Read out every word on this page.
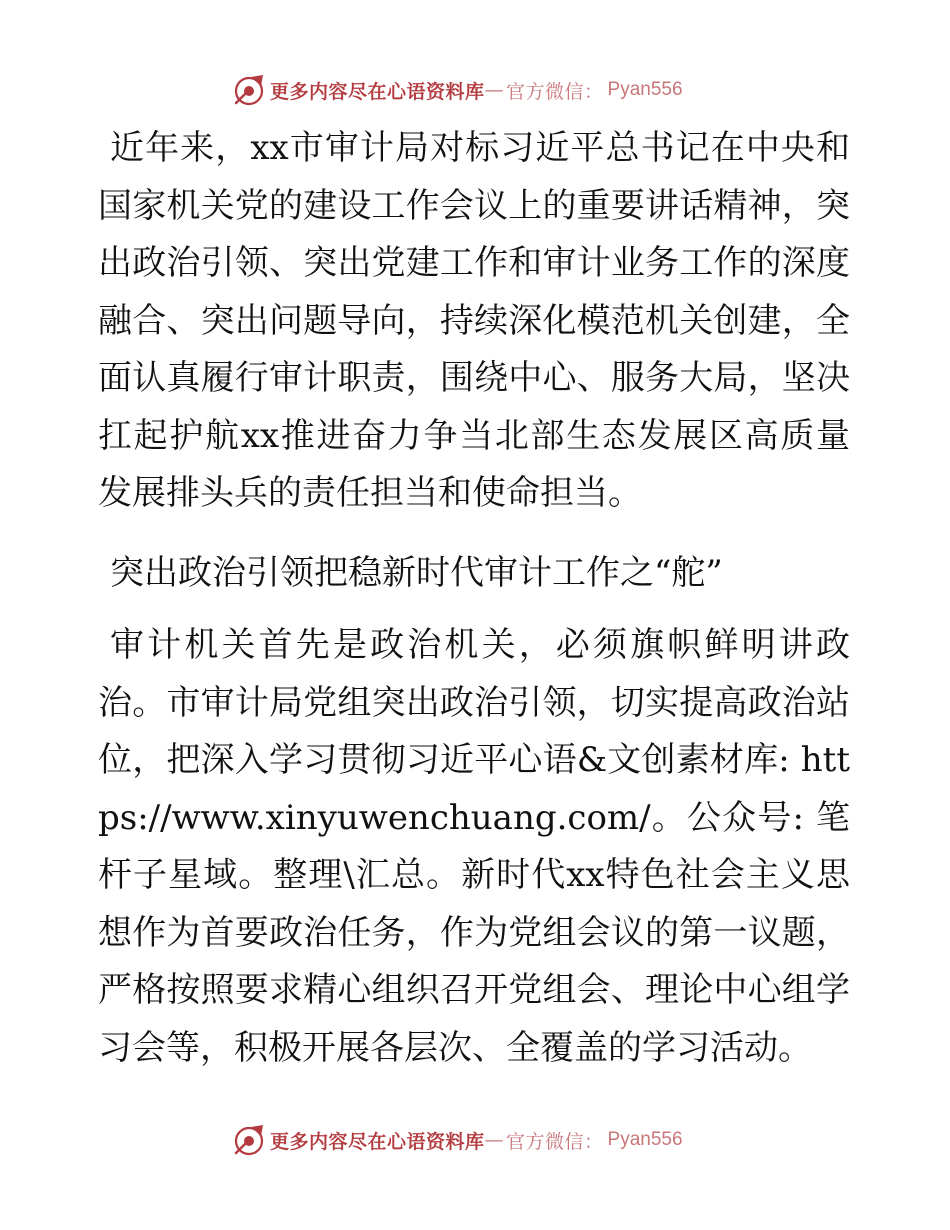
更多内容尽在心语资料库 — 官方微信： Pyan556

近年来，xx市审计局对标习近平总书记在中央和国家机关党的建设工作会议上的重要讲话精神，突出政治引领、突出党建工作和审计业务工作的深度融合、突出问题导向，持续深化模范机关创建，全面认真履行审计职责，围绕中心、服务大局，坚决扛起护航xx推进奋力争当北部生态发展区高质量发展排头兵的责任担当和使命担当。

突出政治引领把稳新时代审计工作之“舵”

审计机关首先是政治机关，必须旗帜鲜明讲政治。市审计局党组突出政治引领，切实提高政治站位，把深入学习贯彻习近平心语&文创素材库: https://www.xinyuwenchuang.com/。公众号: 笔杆子星域。整理\汇总。新时代xx特色社会主义思想作为首要政治任务，作为党组会议的第一议题，严格按照要求精心组织召开党组会、理论中心组学习会等，积极开展各层次、全覆盖的学习活动。

更多内容尽在心语资料库 — 官方微信： Pyan556
